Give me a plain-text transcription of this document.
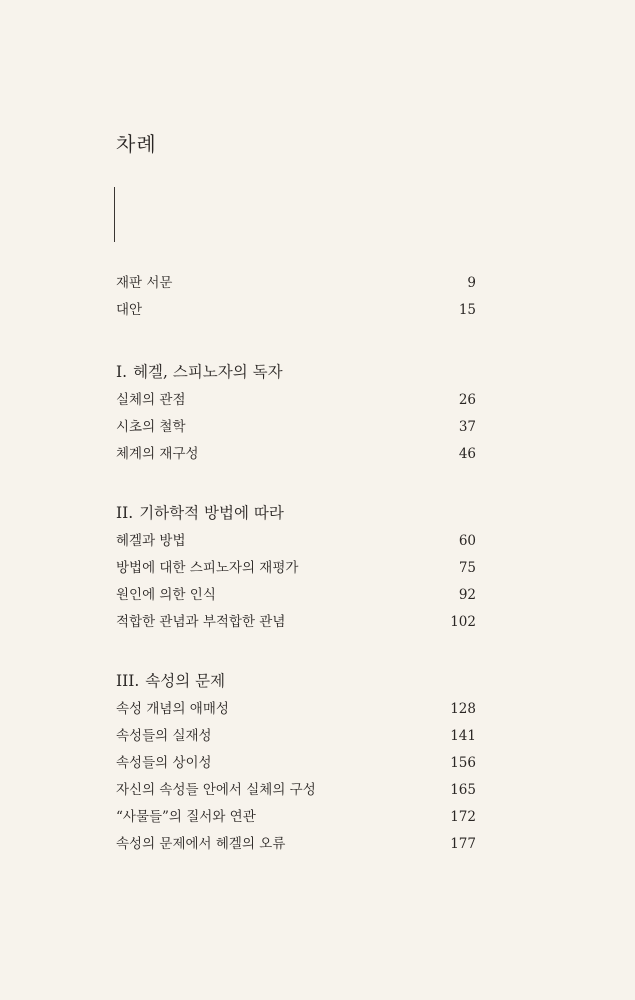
차례
재판 서문	9
대안	15
I. 헤겔, 스피노자의 독자
실체의 관점	26
시초의 철학	37
체계의 재구성	46
II. 기하학적 방법에 따라
헤겔과 방법	60
방법에 대한 스피노자의 재평가	75
원인에 의한 인식	92
적합한 관념과 부적합한 관념	102
III. 속성의 문제
속성 개념의 애매성	128
속성들의 실재성	141
속성들의 상이성	156
자신의 속성들 안에서 실체의 구성	165
“사물들”의 질서와 연관	172
속성의 문제에서 헤겔의 오류	177
